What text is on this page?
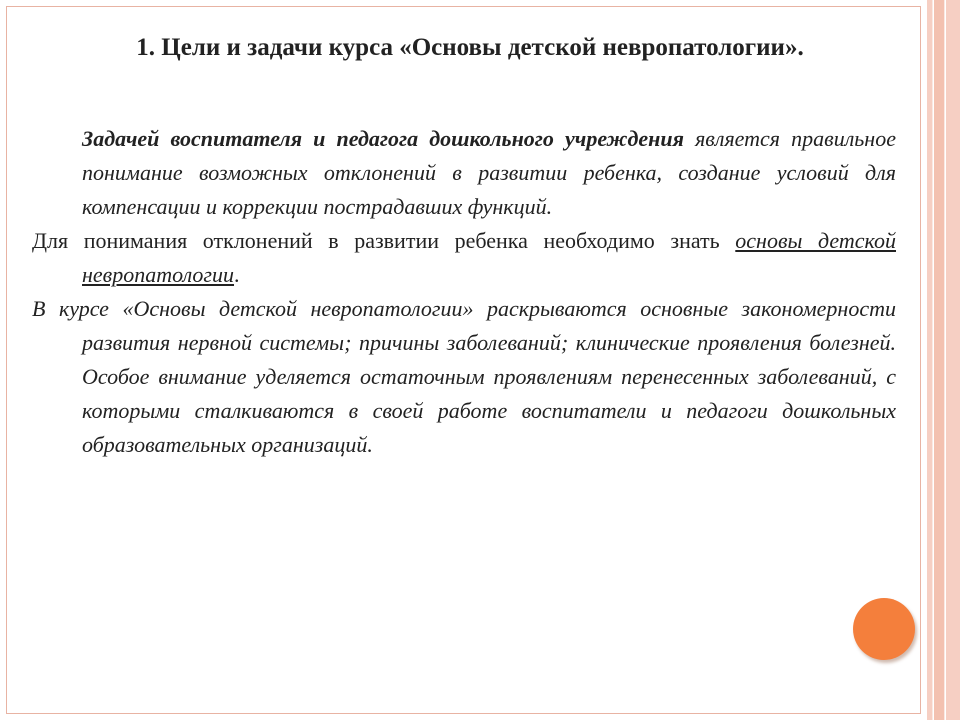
1. Цели и задачи курса «Основы детской невропатологии».

Задачей воспитателя и педагога дошкольного учреждения является правильное понимание возможных отклонений в развитии ребенка, создание условий для компенсации и коррекции пострадавших функций.

Для понимания отклонений в развитии ребенка необходимо знать основы детской невропатологии.

В курсе «Основы детской невропатологии» раскрываются основные закономерности развития нервной системы; причины заболеваний; клинические проявления болезней. Особое внимание уделяется остаточным проявлениям перенесенных заболеваний, с которыми сталкиваются в своей работе воспитатели и педагоги дошкольных образовательных организаций.
